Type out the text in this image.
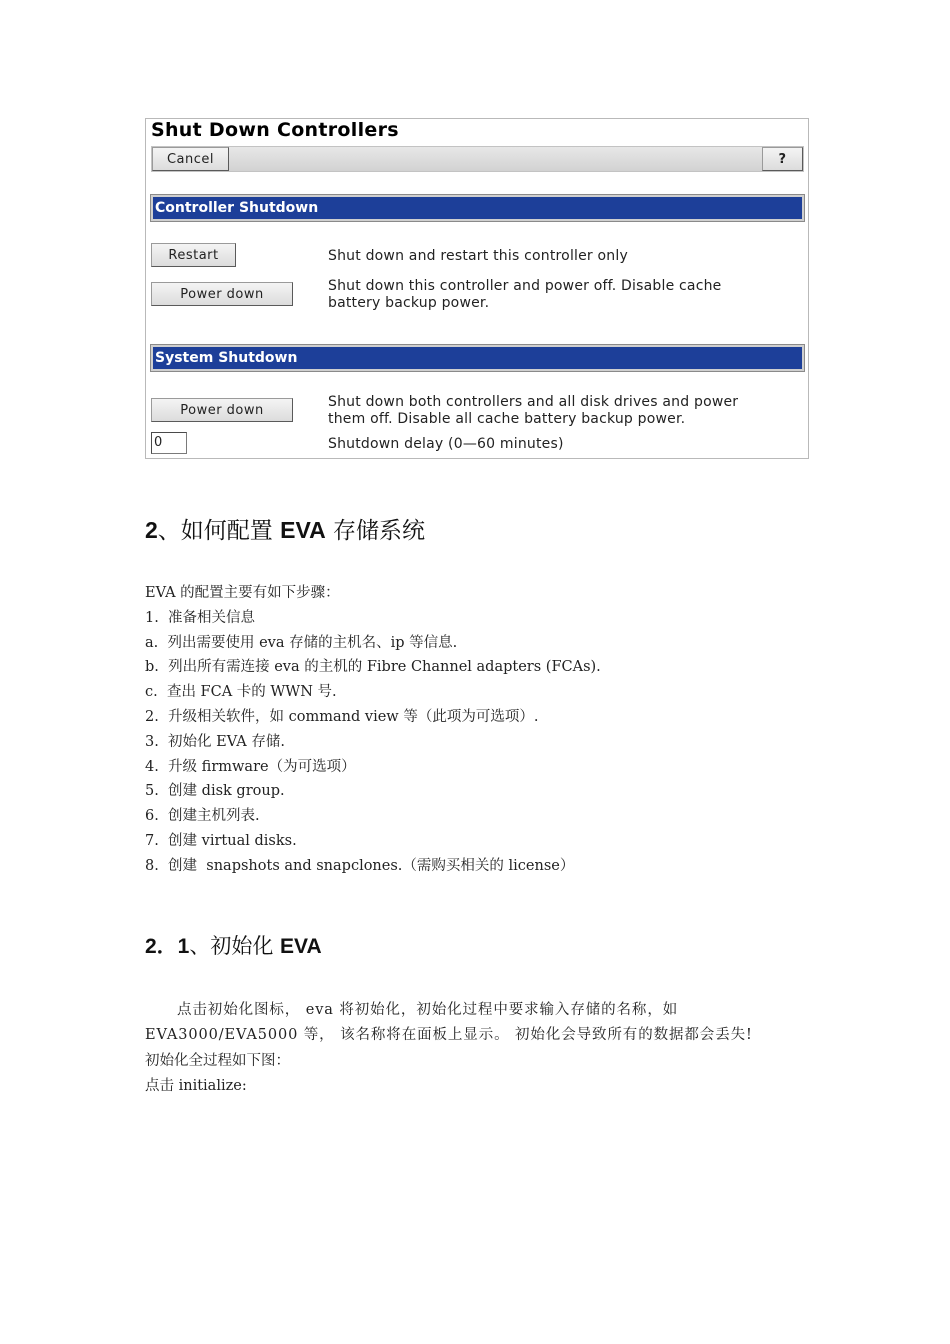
Shut Down Controllers
Cancel	?
Controller Shutdown
Restart	Shut down and restart this controller only
Power down	Shut down this controller and power off. Disable cache
battery backup power.
System Shutdown
Power down	Shut down both controllers and all disk drives and power
them off. Disable all cache battery backup power.
0	Shutdown delay (0—60 minutes)
2、如何配置 EVA 存储系统
EVA 的配置主要有如下步骤：
1.  准备相关信息
a.  列出需要使用 eva 存储的主机名、ip 等信息.
b.  列出所有需连接 eva 的主机的 Fibre Channel adapters (FCAs).
c.  查出 FCA 卡的 WWN 号.
2.  升级相关软件，如 command view 等（此项为可选项）.
3.  初始化 EVA 存储.
4.  升级 firmware（为可选项）
5.  创建 disk group.
6.  创建主机列表.
7.  创建 virtual disks.
8.  创建  snapshots and snapclones.（需购买相关的 license）
2．1、初始化 EVA
点击初始化图标， eva 将初始化，初始化过程中要求输入存储的名称，如 EVA3000/EVA5000 等， 该名称将在面板上显示。 初始化会导致所有的数据都会丢失!
初始化全过程如下图：
点击 initialize:
